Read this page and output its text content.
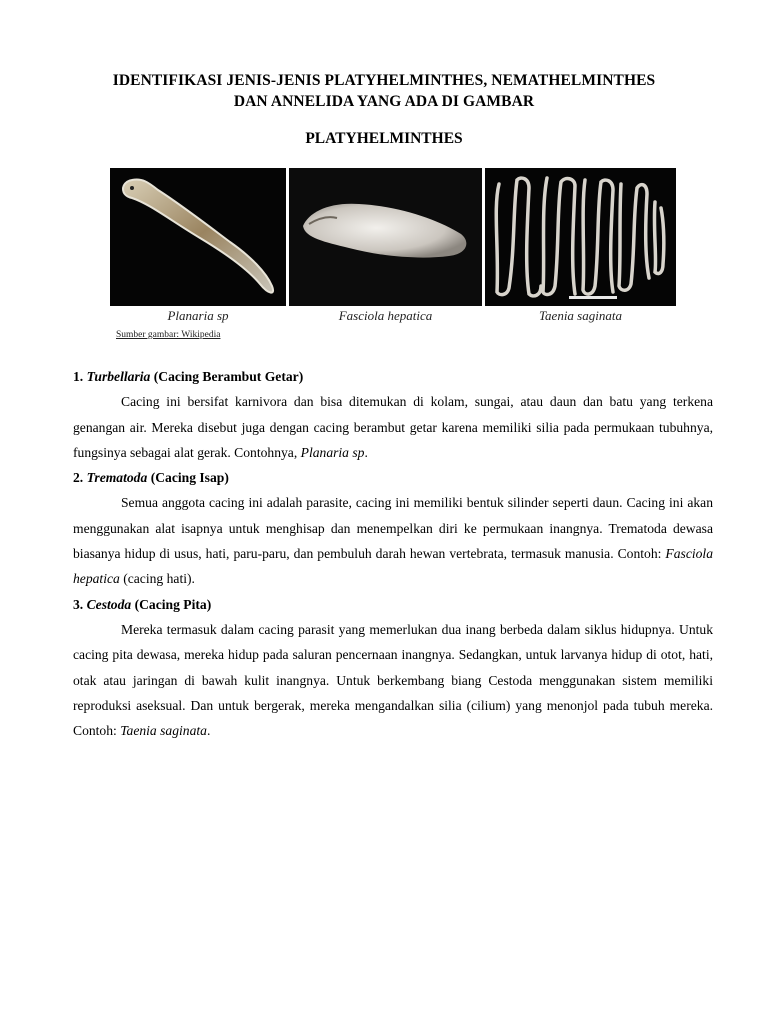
IDENTIFIKASI JENIS-JENIS PLATYHELMINTHES, NEMATHELMINTHES
DAN ANNELIDA YANG ADA DI GAMBAR
PLATYHELMINTHES
Planaria sp	Fasciola hepatica	Taenia saginata
Sumber gambar: Wikipedia

1. Turbellaria (Cacing Berambut Getar)

Cacing ini bersifat karnivora dan bisa ditemukan di kolam, sungai, atau daun dan batu yang terkena genangan air. Mereka disebut juga dengan cacing berambut getar karena memiliki silia pada permukaan tubuhnya, fungsinya sebagai alat gerak. Contohnya, Planaria sp.

2. Trematoda (Cacing Isap)

Semua anggota cacing ini adalah parasite, cacing ini memiliki bentuk silinder seperti daun. Cacing ini akan menggunakan alat isapnya untuk menghisap dan menempelkan diri ke permukaan inangnya. Trematoda dewasa biasanya hidup di usus, hati, paru-paru, dan pembuluh darah hewan vertebrata, termasuk manusia. Contoh: Fasciola hepatica (cacing hati).

3. Cestoda (Cacing Pita)

Mereka termasuk dalam cacing parasit yang memerlukan dua inang berbeda dalam siklus hidupnya. Untuk cacing pita dewasa, mereka hidup pada saluran pencernaan inangnya. Sedangkan, untuk larvanya hidup di otot, hati, otak atau jaringan di bawah kulit inangnya. Untuk berkembang biang Cestoda menggunakan sistem memiliki reproduksi aseksual. Dan untuk bergerak, mereka mengandalkan silia (cilium) yang menonjol pada tubuh mereka. Contoh: Taenia saginata.
